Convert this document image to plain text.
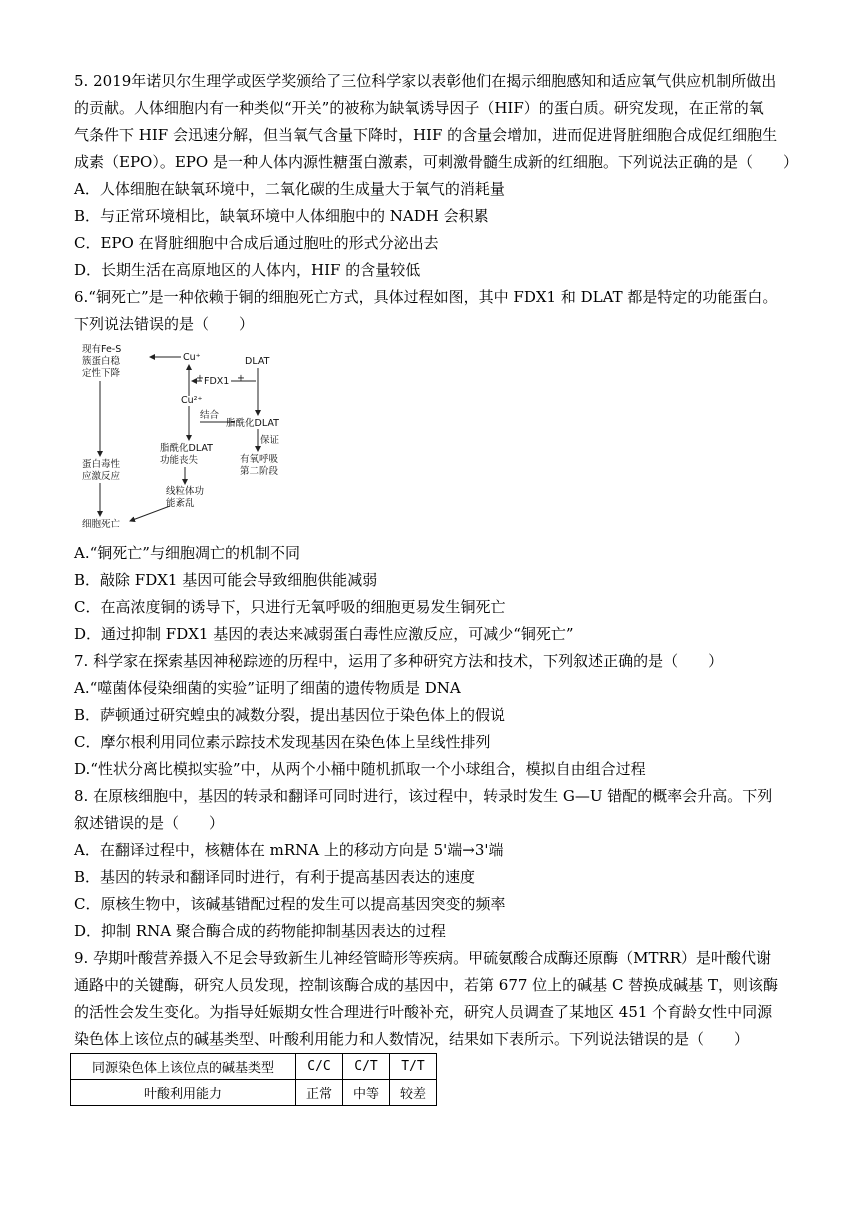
5. 2019年诺贝尔生理学或医学奖颁给了三位科学家以表彰他们在揭示细胞感知和适应氧气供应机制所做出
的贡献。人体细胞内有一种类似“开关”的被称为缺氧诱导因子（HIF）的蛋白质。研究发现，在正常的氧
气条件下 HIF 会迅速分解，但当氧气含量下降时，HIF 的含量会增加，进而促进肾脏细胞合成促红细胞生
成素（EPO）。EPO 是一种人体内源性糖蛋白激素，可刺激骨髓生成新的红细胞。下列说法正确的是（　　）
A．人体细胞在缺氧环境中，二氧化碳的生成量大于氧气的消耗量
B．与正常环境相比，缺氧环境中人体细胞中的 NADH 会积累
C．EPO 在肾脏细胞中合成后通过胞吐的形式分泌出去
D．长期生活在高原地区的人体内，HIF 的含量较低
6.“铜死亡”是一种依赖于铜的细胞死亡方式，具体过程如图，其中 FDX1 和 DLAT 都是特定的功能蛋白。
下列说法错误的是（　　）
现有Fe-S
簇蛋白稳
定性下降
Cu⁺	DLAT
FDX1
+	+
Cu²⁺
结合
脂酰化DLAT
保证
有氧呼吸
第二阶段
脂酰化DLAT
功能丧失
蛋白毒性
应激反应
线粒体功
能紊乱
细胞死亡
A.“铜死亡”与细胞凋亡的机制不同
B．敲除 FDX1 基因可能会导致细胞供能减弱
C．在高浓度铜的诱导下，只进行无氧呼吸的细胞更易发生铜死亡
D．通过抑制 FDX1 基因的表达来减弱蛋白毒性应激反应，可减少“铜死亡”
7. 科学家在探索基因神秘踪迹的历程中，运用了多种研究方法和技术，下列叙述正确的是（　　）
A.“噬菌体侵染细菌的实验”证明了细菌的遗传物质是 DNA
B．萨顿通过研究蝗虫的减数分裂，提出基因位于染色体上的假说
C．摩尔根利用同位素示踪技术发现基因在染色体上呈线性排列
D.“性状分离比模拟实验”中，从两个小桶中随机抓取一个小球组合，模拟自由组合过程
8. 在原核细胞中，基因的转录和翻译可同时进行，该过程中，转录时发生 G—U 错配的概率会升高。下列
叙述错误的是（　　）
A．在翻译过程中，核糖体在 mRNA 上的移动方向是 5'端→3'端
B．基因的转录和翻译同时进行，有利于提高基因表达的速度
C．原核生物中，该碱基错配过程的发生可以提高基因突变的频率
D．抑制 RNA 聚合酶合成的药物能抑制基因表达的过程
9. 孕期叶酸营养摄入不足会导致新生儿神经管畸形等疾病。甲硫氨酸合成酶还原酶（MTRR）是叶酸代谢
通路中的关键酶，研究人员发现，控制该酶合成的基因中，若第 677 位上的碱基 C 替换成碱基 T，则该酶
的活性会发生变化。为指导妊娠期女性合理进行叶酸补充，研究人员调查了某地区 451 个育龄女性中同源
染色体上该位点的碱基类型、叶酸利用能力和人数情况，结果如下表所示。下列说法错误的是（　　）
同源染色体上该位点的碱基类型	C/C	C/T	T/T
叶酸利用能力	正常	中等	较差
